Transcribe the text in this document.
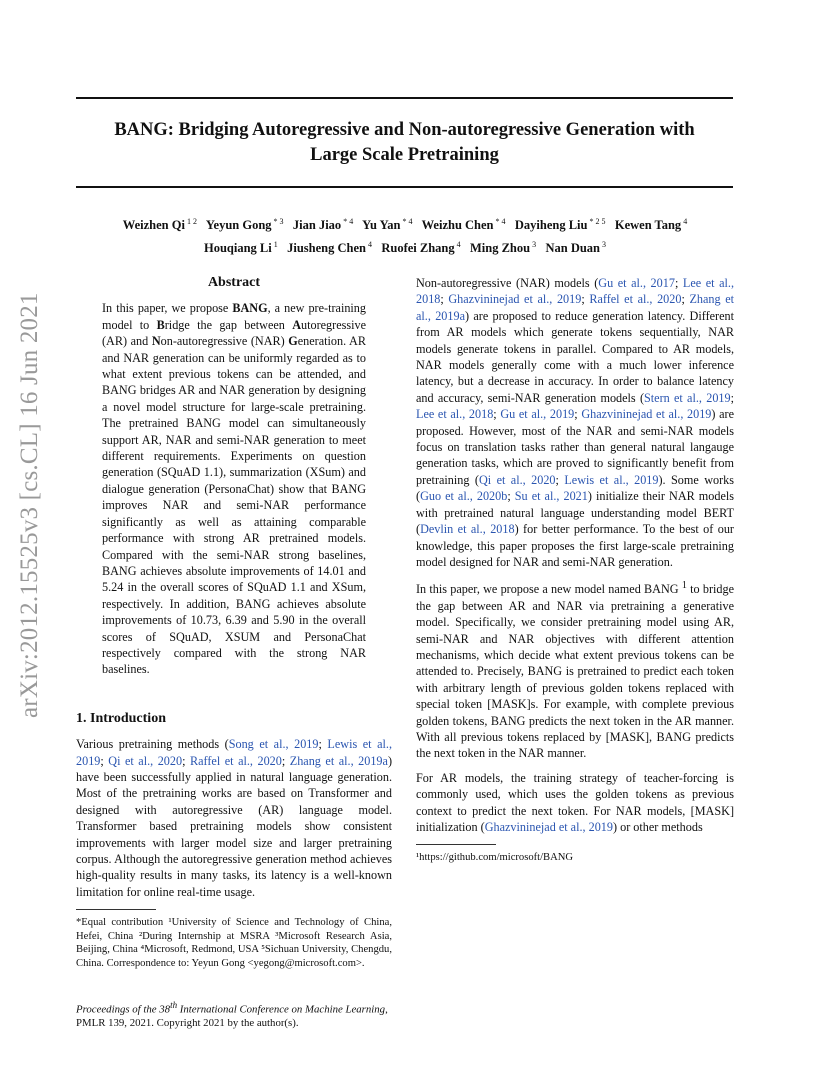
BANG: Bridging Autoregressive and Non-autoregressive Generation with
Large Scale Pretraining
Weizhen Qi $^{1 2}$ Yeyun Gong $^{* 3}$ Jian Jiao $^{* 4}$ Yu Yan $^{* 4}$ Weizhu Chen $^{* 4}$ Dayiheng Liu $^{* 2 5}$ Kewen Tang $^4$
Houqiang Li $^1$ Jiusheng Chen $^4$ Ruofei Zhang $^4$ Ming Zhou $^3$ Nan Duan $^3$
arXiv:2012.15525v3 [cs.CL] 16 Jun 2021
Abstract

In this paper, we propose BANG, a new pre-training model to Bridge the gap between Autoregressive (AR) and Non-autoregressive (NAR) Generation. AR and NAR generation can be uniformly regarded as to what extent previous tokens can be attended, and BANG bridges AR and NAR generation by designing a novel model structure for large-scale pretraining. The pretrained BANG model can simultaneously support AR, NAR and semi-NAR generation to meet different requirements. Experiments on question generation (SQuAD 1.1), summarization (XSum) and dialogue generation (PersonaChat) show that BANG improves NAR and semi-NAR performance significantly as well as attaining comparable performance with strong AR pretrained models. Compared with the semi-NAR strong baselines, BANG achieves absolute improvements of 14.01 and 5.24 in the overall scores of SQuAD 1.1 and XSum, respectively. In addition, BANG achieves absolute improvements of 10.73, 6.39 and 5.90 in the overall scores of SQuAD, XSUM and PersonaChat respectively compared with the strong NAR baselines.

1. Introduction

Various pretraining methods (Song et al., 2019; Lewis et al., 2019; Qi et al., 2020; Raffel et al., 2020; Zhang et al., 2019a) have been successfully applied in natural language generation. Most of the pretraining works are based on Transformer and designed with autoregressive (AR) language model. Transformer based pretraining models show consistent improvements with larger model size and larger pretraining corpus. Although the autoregressive generation method achieves high-quality results in many tasks, its latency is a well-known limitation for online real-time usage.

*Equal contribution ¹University of Science and Technology of China, Hefei, China ²During Internship at MSRA ³Microsoft Research Asia, Beijing, China ⁴Microsoft, Redmond, USA ⁵Sichuan University, Chengdu, China. Correspondence to: Yeyun Gong <yegong@microsoft.com>.

Proceedings of the 38th International Conference on Machine Learning, PMLR 139, 2021. Copyright 2021 by the author(s).

Non-autoregressive (NAR) models (Gu et al., 2017; Lee et al., 2018; Ghazvininejad et al., 2019; Raffel et al., 2020; Zhang et al., 2019a) are proposed to reduce generation latency. Different from AR models which generate tokens sequentially, NAR models generate tokens in parallel. Compared to AR models, NAR models generally come with a much lower inference latency, but a decrease in accuracy. In order to balance latency and accuracy, semi-NAR generation models (Stern et al., 2019; Lee et al., 2018; Gu et al., 2019; Ghazvininejad et al., 2019) are proposed. However, most of the NAR and semi-NAR models focus on translation tasks rather than general natural langauge generation tasks, which are proved to significantly benefit from pretraining (Qi et al., 2020; Lewis et al., 2019). Some works (Guo et al., 2020b; Su et al., 2021) initialize their NAR models with pretrained natural language understanding model BERT (Devlin et al., 2018) for better performance. To the best of our knowledge, this paper proposes the first large-scale pretraining model designed for NAR and semi-NAR generation.

In this paper, we propose a new model named BANG $^1$ to bridge the gap between AR and NAR via pretraining a generative model. Specifically, we consider pretraining model using AR, semi-NAR and NAR objectives with different attention mechanisms, which decide what extent previous tokens can be attended to. Precisely, BANG is pretrained to predict each token with arbitrary length of previous golden tokens replaced with special token [MASK]s. For example, with complete previous golden tokens, BANG predicts the next token in the AR manner. With all previous tokens replaced by [MASK], BANG predicts the next token in the NAR manner.

For AR models, the training strategy of teacher-forcing is commonly used, which uses the golden tokens as previous context to predict the next token. For NAR models, [MASK] initialization (Ghazvininejad et al., 2019) or other methods

¹https://github.com/microsoft/BANG
